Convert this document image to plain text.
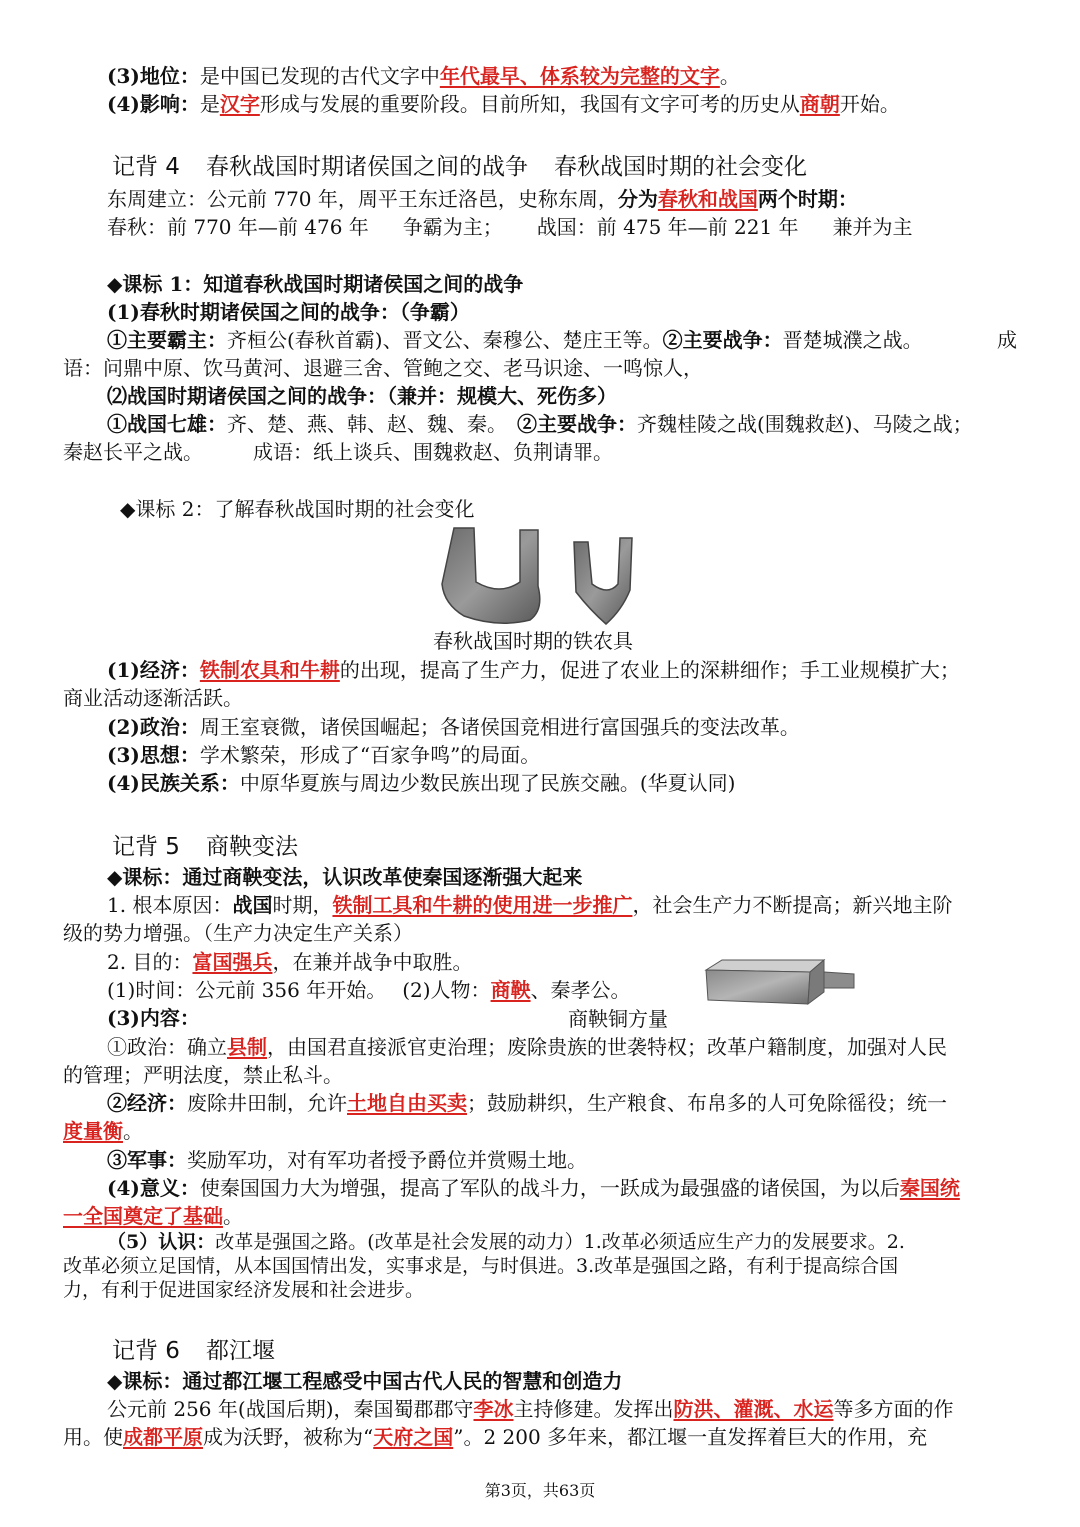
(3)地位：是中国已发现的古代文字中年代最早、体系较为完整的文字。
(4)影响：是汉字形成与发展的重要阶段。目前所知，我国有文字可考的历史从商朝开始。
记背 4 春秋战国时期诸侯国之间的战争 春秋战国时期的社会变化
东周建立：公元前 770 年，周平王东迁洛邑，史称东周，分为春秋和战国两个时期：
春秋：前 770 年—前 476 年 争霸为主； 战国：前 475 年—前 221 年 兼并为主
◆课标 1：知道春秋战国时期诸侯国之间的战争
(1)春秋时期诸侯国之间的战争：（争霸）
①主要霸主：齐桓公(春秋首霸)、晋文公、秦穆公、楚庄王等。②主要战争：晋楚城濮之战。	成
语：问鼎中原、饮马黄河、退避三舍、管鲍之交、老马识途、一鸣惊人，
⑵战国时期诸侯国之间的战争：（兼并：规模大、死伤多）
①战国七雄：齐、楚、燕、韩、赵、魏、秦。 ②主要战争：齐魏桂陵之战(围魏救赵)、马陵之战；
秦赵长平之战。	成语：纸上谈兵、围魏救赵、负荆请罪。
◆课标 2：了解春秋战国时期的社会变化
春秋战国时期的铁农具
(1)经济：铁制农具和牛耕的出现，提高了生产力，促进了农业上的深耕细作；手工业规模扩大；
商业活动逐渐活跃。
(2)政治：周王室衰微，诸侯国崛起；各诸侯国竞相进行富国强兵的变法改革。
(3)思想：学术繁荣，形成了“百家争鸣”的局面。
(4)民族关系：中原华夏族与周边少数民族出现了民族交融。(华夏认同)
记背 5 商鞅变法
◆课标：通过商鞅变法，认识改革使秦国逐渐强大起来
1. 根本原因：战国时期，铁制工具和牛耕的使用进一步推广，社会生产力不断提高；新兴地主阶
级的势力增强。（生产力决定生产关系）
2. 目的：富国强兵，在兼并战争中取胜。
(1)时间：公元前 356 年开始。 (2)人物：商鞅、秦孝公。
(3)内容：	商鞅铜方量
①政治：确立县制，由国君直接派官吏治理；废除贵族的世袭特权；改革户籍制度，加强对人民
的管理；严明法度，禁止私斗。
②经济：废除井田制，允许土地自由买卖；鼓励耕织，生产粮食、布帛多的人可免除徭役；统一
度量衡。
③军事：奖励军功，对有军功者授予爵位并赏赐土地。
(4)意义：使秦国国力大为增强，提高了军队的战斗力，一跃成为最强盛的诸侯国，为以后秦国统
一全国奠定了基础。
（5）认识：改革是强国之路。(改革是社会发展的动力）1.改革必须适应生产力的发展要求。2.
改革必须立足国情，从本国国情出发，实事求是，与时俱进。3.改革是强国之路，有利于提高综合国
力，有利于促进国家经济发展和社会进步。
记背 6 都江堰
◆课标：通过都江堰工程感受中国古代人民的智慧和创造力
公元前 256 年(战国后期)，秦国蜀郡郡守李冰主持修建。发挥出防洪、灌溉、水运等多方面的作
用。使成都平原成为沃野，被称为“天府之国”。2 200 多年来，都江堰一直发挥着巨大的作用，充
第3页，共63页
